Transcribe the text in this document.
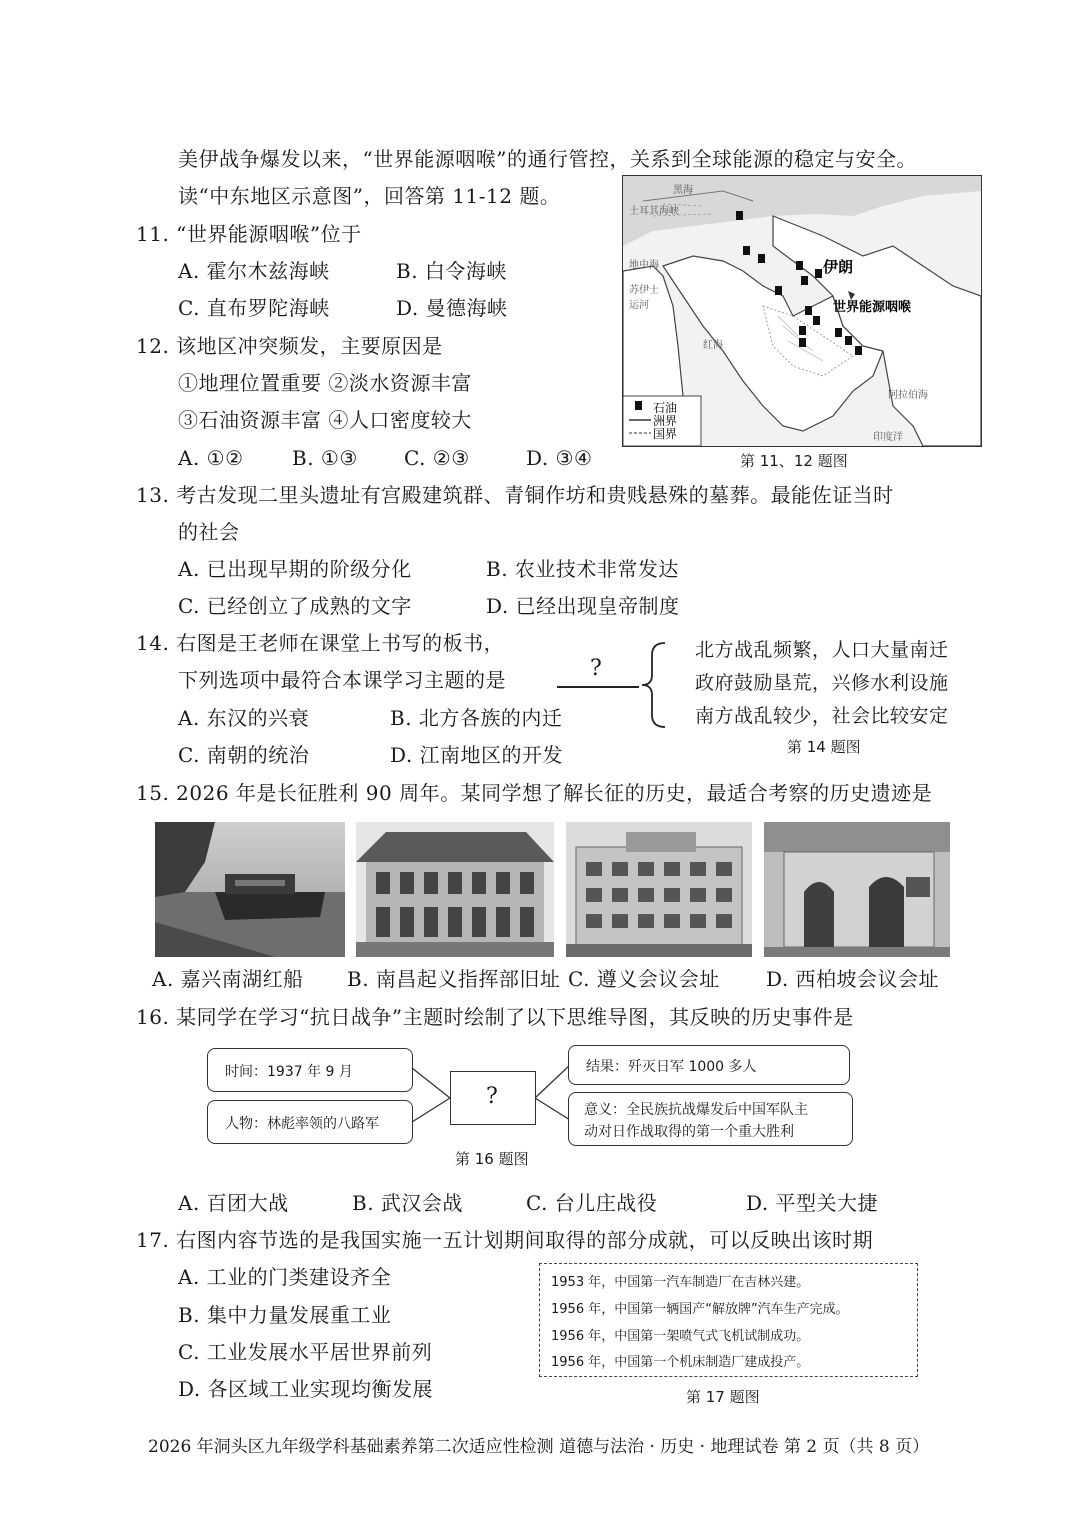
美伊战争爆发以来，“世界能源咽喉”的通行管控，关系到全球能源的稳定与安全。
读“中东地区示意图”，回答第 11-12 题。
11. “世界能源咽喉”位于
A. 霍尔木兹海峡	B. 白令海峡
C. 直布罗陀海峡	D. 曼德海峡
12. 该地区冲突频发，主要原因是
①地理位置重要 ②淡水资源丰富
③石油资源丰富 ④人口密度较大
A. ①② B. ①③ C. ②③	D. ③④
伊朗
世界能源咽喉
土耳其海峡
地中海
苏伊士运河
红海
阿拉伯海
印度洋
黑海
石油
洲界
国界
第 11、12 题图
13. 考古发现二里头遗址有宫殿建筑群、青铜作坊和贵贱悬殊的墓葬。最能佐证当时
的社会
A. 已出现早期的阶级分化	B. 农业技术非常发达
C. 已经创立了成熟的文字	D. 已经出现皇帝制度
14. 右图是王老师在课堂上书写的板书，
下列选项中最符合本课学习主题的是
A. 东汉的兴衰	B. 北方各族的内迁
C. 南朝的统治	D. 江南地区的开发
?
北方战乱频繁，人口大量南迁
政府鼓励垦荒，兴修水利设施
南方战乱较少，社会比较安定
第 14 题图
15. 2026 年是长征胜利 90 周年。某同学想了解长征的历史，最适合考察的历史遗迹是
A. 嘉兴南湖红船 B. 南昌起义指挥部旧址 C. 遵义会议会址 D. 西柏坡会议会址
16. 某同学在学习“抗日战争”主题时绘制了以下思维导图，其反映的历史事件是
时间：1937 年 9 月
人物：林彪率领的八路军
?
结果：歼灭日军 1000 多人
意义：全民族抗战爆发后中国军队主
动对日作战取得的第一个重大胜利
第 16 题图
A. 百团大战	B. 武汉会战	C. 台儿庄战役	D. 平型关大捷
17. 右图内容节选的是我国实施一五计划期间取得的部分成就，可以反映出该时期
A. 工业的门类建设齐全
B. 集中力量发展重工业
C. 工业发展水平居世界前列
D. 各区域工业实现均衡发展
1953 年，中国第一汽车制造厂在吉林兴建。
1956 年，中国第一辆国产“解放牌”汽车生产完成。
1956 年，中国第一架喷气式飞机试制成功。
1956 年，中国第一个机床制造厂建成投产。
第 17 题图
2026 年洞头区九年级学科基础素养第二次适应性检测 道德与法治 · 历史 · 地理试卷 第 2 页（共 8 页）
